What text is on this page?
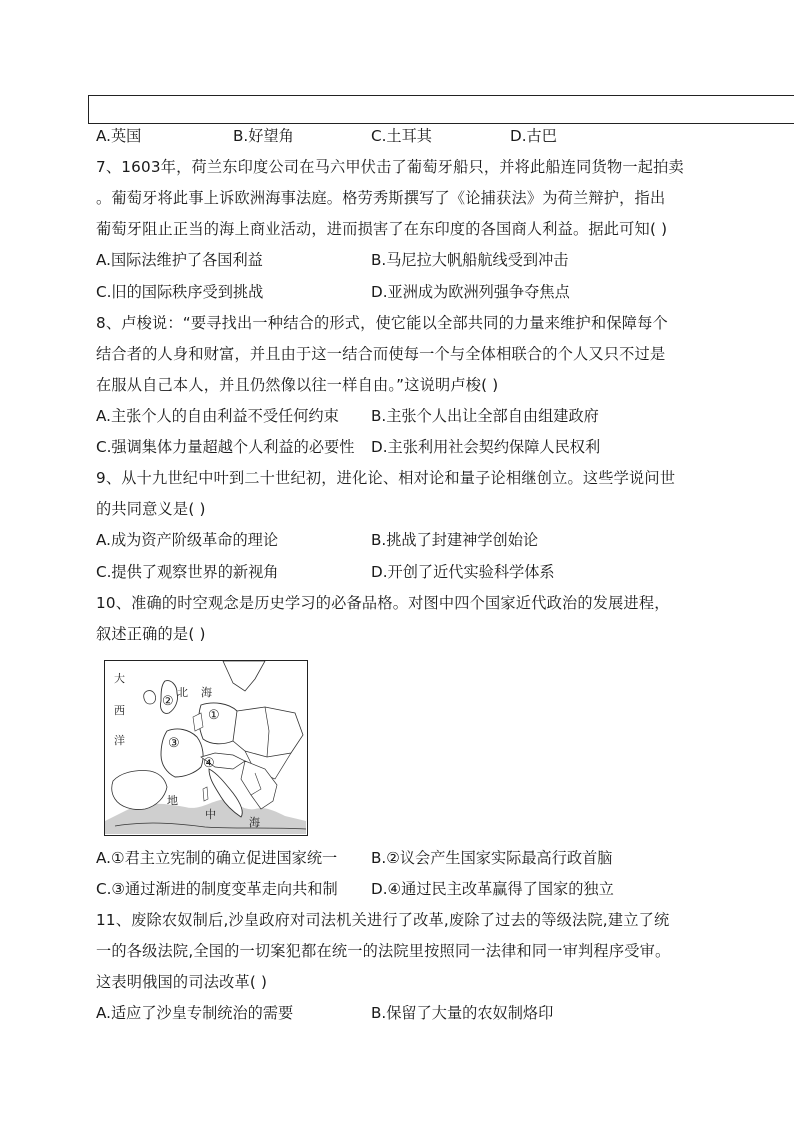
A.英国	B.好望角	C.土耳其	D.古巴
7、1603年，荷兰东印度公司在马六甲伏击了葡萄牙船只，并将此船连同货物一起拍卖
。葡萄牙将此事上诉欧洲海事法庭。格劳秀斯撰写了《论捕获法》为荷兰辩护，指出
葡萄牙阻止正当的海上商业活动，进而损害了在东印度的各国商人利益。据此可知( )
A.国际法维护了各国利益	B.马尼拉大帆船航线受到冲击
C.旧的国际秩序受到挑战	D.亚洲成为欧洲列强争夺焦点
8、卢梭说：“要寻找出一种结合的形式，使它能以全部共同的力量来维护和保障每个
结合者的人身和财富，并且由于这一结合而使每一个与全体相联合的个人又只不过是
在服从自己本人，并且仍然像以往一样自由。”这说明卢梭( )
A.主张个人的自由利益不受任何约束 B.主张个人出让全部自由组建政府
C.强调集体力量超越个人利益的必要性 D.主张利用社会契约保障人民权利
9、从十九世纪中叶到二十世纪初，进化论、相对论和量子论相继创立。这些学说问世
的共同意义是( )
A.成为资产阶级革命的理论	B.挑战了封建神学创始论
C.提供了观察世界的新视角	D.开创了近代实验科学体系
10、准确的时空观念是历史学习的必备品格。对图中四个国家近代政治的发展进程，
叙述正确的是( )
大
西
洋
北 海
地
中
海
①
②
③
④
A.①君主立宪制的确立促进国家统一 B.②议会产生国家实际最高行政首脑
C.③通过渐进的制度变革走向共和制 D.④通过民主改革赢得了国家的独立
11、废除农奴制后,沙皇政府对司法机关进行了改革,废除了过去的等级法院,建立了统
一的各级法院,全国的一切案犯都在统一的法院里按照同一法律和同一审判程序受审。
这表明俄国的司法改革( )
A.适应了沙皇专制统治的需要	B.保留了大量的农奴制烙印
